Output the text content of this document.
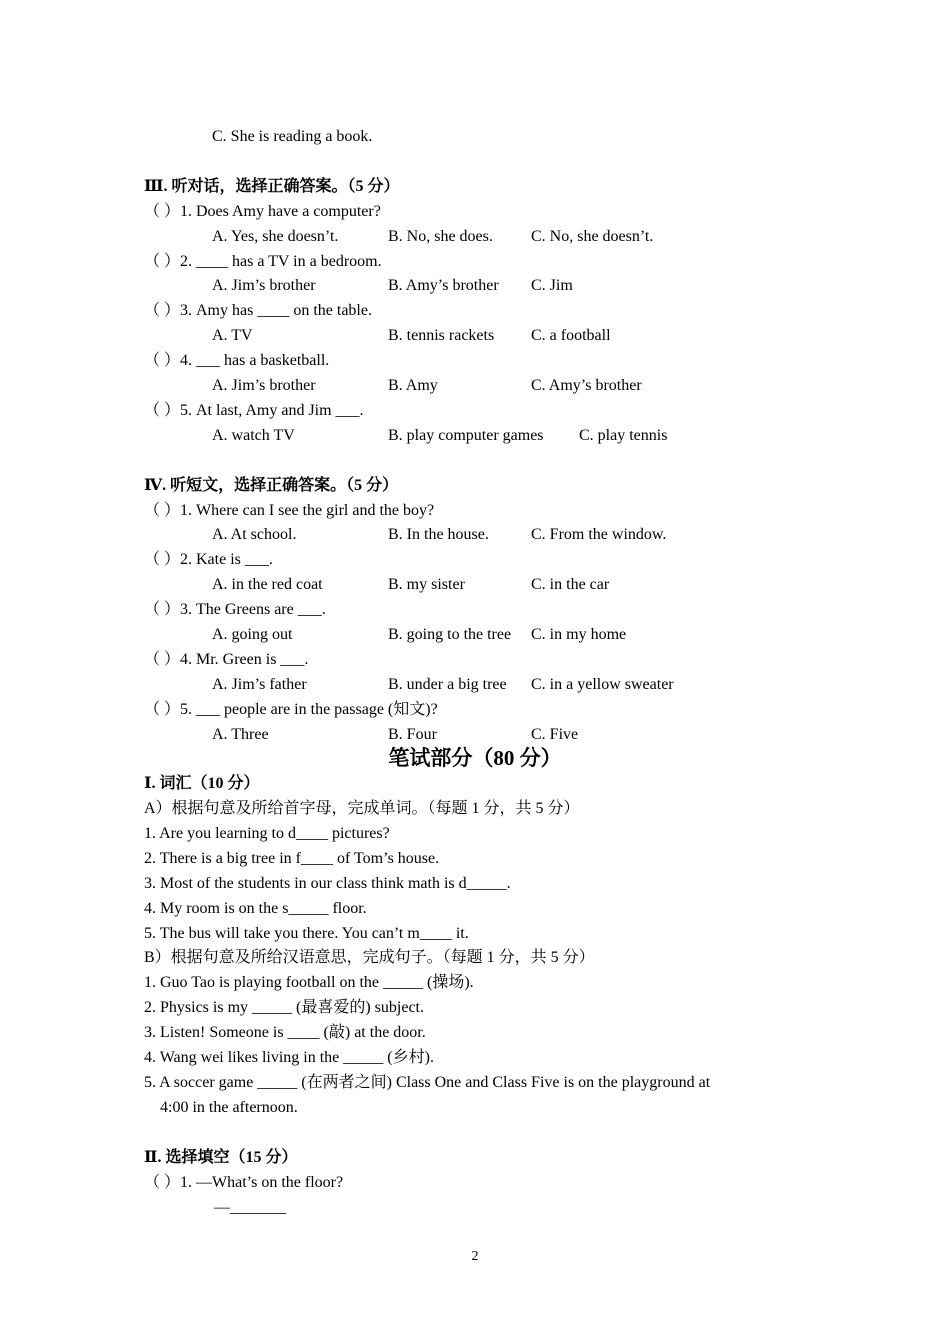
C. She is reading a book.
Ⅲ. 听对话，选择正确答案。（5 分）
（ ）1. Does Amy have a computer?
A. Yes, she doesn’t.	B. No, she does. C. No, she doesn’t.
（ ）2. ____ has a TV in a bedroom.
A. Jim’s brother	B. Amy’s brother C. Jim
（ ）3. Amy has ____ on the table.
A. TV	B. tennis rackets C. a football
（ ）4. ___ has a basketball.
A. Jim’s brother	B. Amy	C. Amy’s brother
（ ）5. At last, Amy and Jim ___.
A. watch TV	B. play computer games C. play tennis
Ⅳ. 听短文，选择正确答案。（5 分）
（ ）1. Where can I see the girl and the boy?
A. At school.	B. In the house.	C. From the window.
（ ）2. Kate is ___.
A. in the red coat	B. my sister	C. in the car
（ ）3. The Greens are ___.
A. going out	B. going to the tree C. in my home
（ ）4. Mr. Green is ___.
A. Jim’s father	B. under a big tree C. in a yellow sweater
（ ）5. ___ people are in the passage (知文)?
A. Three	B. Four	C. Five
笔试部分（80 分）
Ⅰ. 词汇（10 分）
A）根据句意及所给首字母，完成单词。（每题 1 分，共 5 分）
1. Are you learning to d____ pictures?
2. There is a big tree in f____ of Tom’s house.
3. Most of the students in our class think math is d_____.
4. My room is on the s_____ floor.
5. The bus will take you there. You can’t m____ it.
B）根据句意及所给汉语意思，完成句子。（每题 1 分，共 5 分）
1. Guo Tao is playing football on the _____ (操场).
2. Physics is my _____ (最喜爱的) subject.
3. Listen! Someone is ____ (敲) at the door.
4. Wang wei likes living in the _____ (乡村).
5. A soccer game _____ (在两者之间) Class One and Class Five is on the playground at
4:00 in the afternoon.
Ⅱ. 选择填空（15 分）
（ ）1. —What’s on the floor?
—_______
2
